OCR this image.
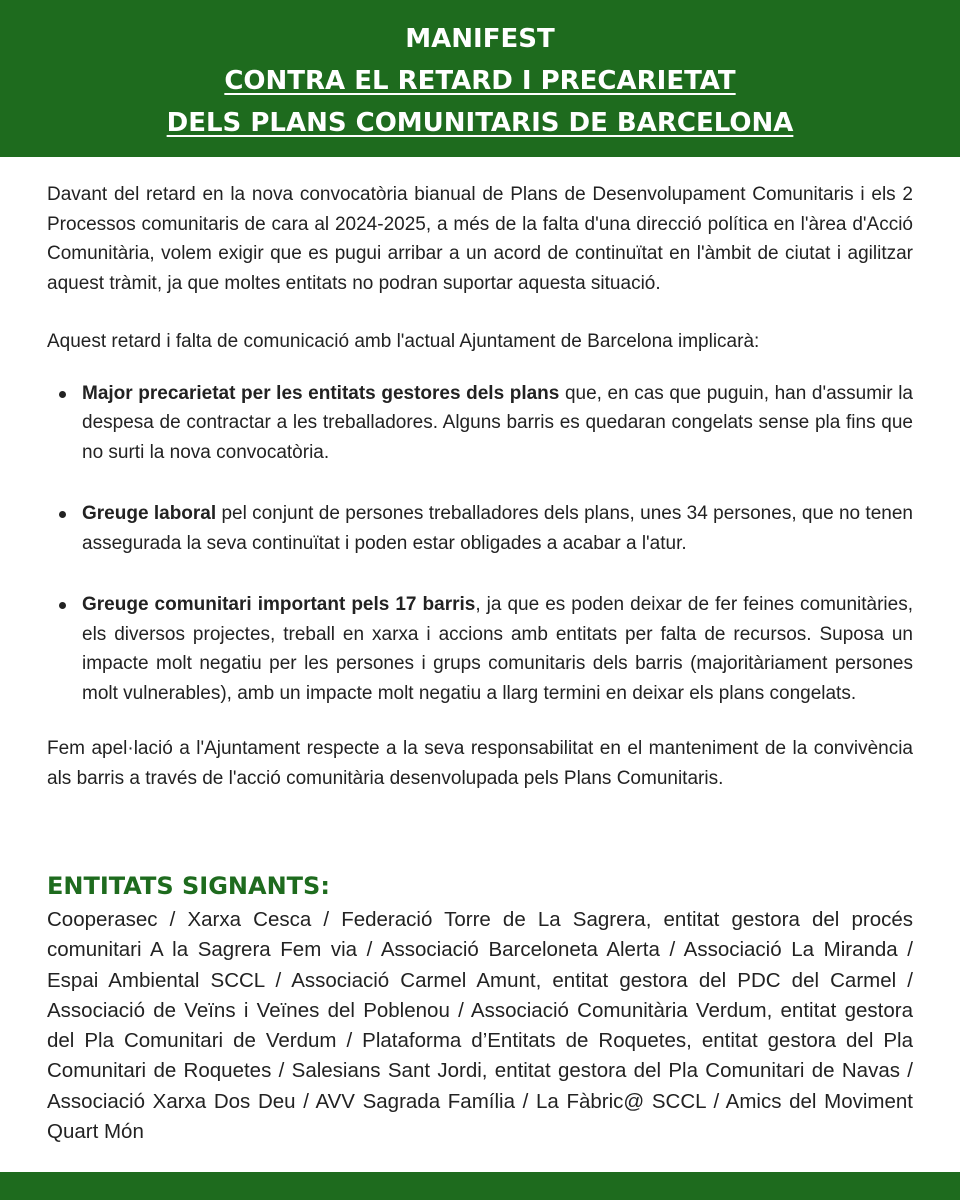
MANIFEST
CONTRA EL RETARD I PRECARIETAT
DELS PLANS COMUNITARIS DE BARCELONA

Davant del retard en la nova convocatòria bianual de Plans de Desenvolupament Comunitaris i els 2 Processos comunitaris de cara al 2024-2025, a més de la falta d'una direcció política en l'àrea d'Acció Comunitària, volem exigir que es pugui arribar a un acord de continuïtat en l'àmbit de ciutat i agilitzar aquest tràmit, ja que moltes entitats no podran suportar aquesta situació.

Aquest retard i falta de comunicació amb l'actual Ajuntament de Barcelona implicarà:

Major precarietat per les entitats gestores dels plans que, en cas que puguin, han d'assumir la despesa de contractar a les treballadores. Alguns barris es quedaran congelats sense pla fins que no surti la nova convocatòria.
Greuge laboral pel conjunt de persones treballadores dels plans, unes 34 persones, que no tenen assegurada la seva continuïtat i poden estar obligades a acabar a l'atur.
Greuge comunitari important pels 17 barris, ja que es poden deixar de fer feines comunitàries, els diversos projectes, treball en xarxa i accions amb entitats per falta de recursos. Suposa un impacte molt negatiu per les persones i grups comunitaris dels barris (majoritàriament persones molt vulnerables), amb un impacte molt negatiu a llarg termini en deixar els plans congelats.

Fem apel·lació a l'Ajuntament respecte a la seva responsabilitat en el manteniment de la convivència als barris a través de l'acció comunitària desenvolupada pels Plans Comunitaris.

ENTITATS SIGNANTS:

Cooperasec / Xarxa Cesca / Federació Torre de La Sagrera, entitat gestora del procés comunitari A la Sagrera Fem via / Associació Barceloneta Alerta / Associació La Miranda / Espai Ambiental SCCL / Associació Carmel Amunt, entitat gestora del PDC del Carmel / Associació de Veïns i Veïnes del Poblenou / Associació Comunitària Verdum, entitat gestora del Pla Comunitari de Verdum / Plataforma d’Entitats de Roquetes, entitat gestora del Pla Comunitari de Roquetes / Salesians Sant Jordi, entitat gestora del Pla Comunitari de Navas / Associació Xarxa Dos Deu / AVV Sagrada Família / La Fàbric@ SCCL / Amics del Moviment Quart Món
